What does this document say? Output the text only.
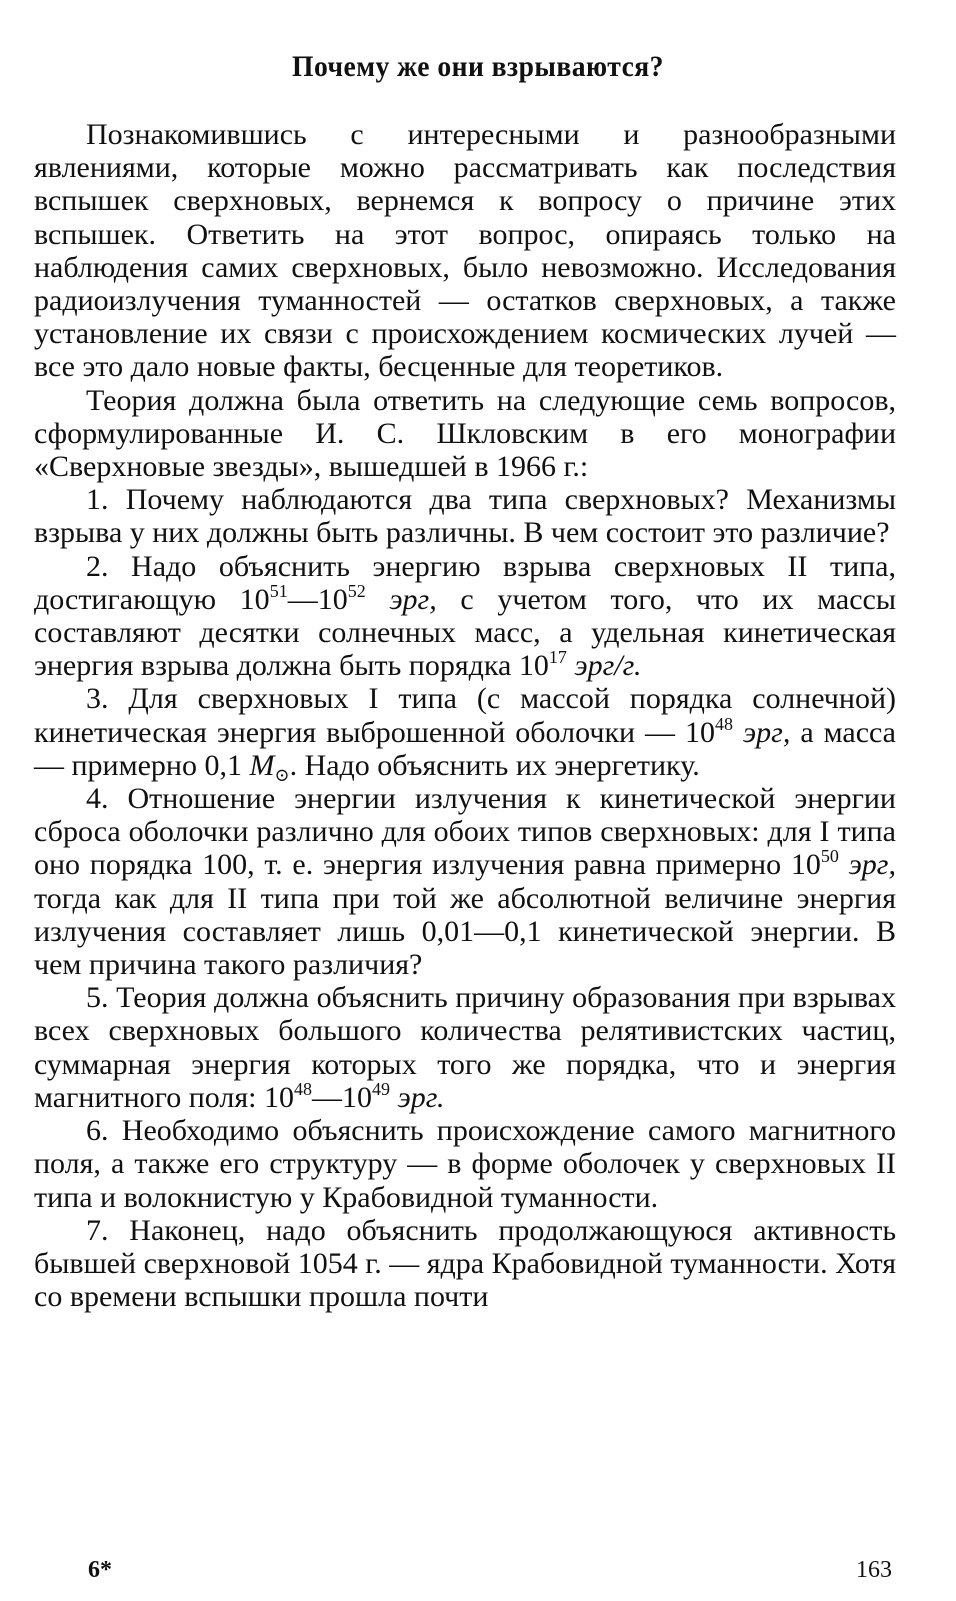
Почему же они взрываются?

Познакомившись с интересными и разнообразными явлениями, которые можно рассматривать как последствия вспышек сверхновых, вернемся к вопросу о причине этих вспышек. Ответить на этот вопрос, опираясь только на наблюдения самих сверхновых, было невозможно. Исследования радиоизлучения туманностей — остатков сверхновых, а также установление их связи с происхождением космических лучей — все это дало новые факты, бесценные для теоретиков.

Теория должна была ответить на следующие семь вопросов, сформулированные И. С. Шкловским в его монографии «Сверхновые звезды», вышедшей в 1966 г.:

1. Почему наблюдаются два типа сверхновых? Механизмы взрыва у них должны быть различны. В чем состоит это различие?

2. Надо объяснить энергию взрыва сверхновых II типа, достигающую $10^{51}—10^{52}$ эрг, с учетом того, что их массы составляют десятки солнечных масс, а удельная кинетическая энергия взрыва должна быть порядка $10^{17}$ эрг/г.

3. Для сверхновых I типа (с массой порядка солнечной) кинетическая энергия выброшенной оболочки — $10^{48}$ эрг, а масса — примерно 0,1 $M_⊙$. Надо объяснить их энергетику.

4. Отношение энергии излучения к кинетической энергии сброса оболочки различно для обоих типов сверхновых: для I типа оно порядка 100, т. е. энергия излучения равна примерно $10^{50}$ эрг, тогда как для II типа при той же абсолютной величине энергия излучения составляет лишь 0,01—0,1 кинетической энергии. В чем причина такого различия?

5. Теория должна объяснить причину образования при взрывах всех сверхновых большого количества релятивистских частиц, суммарная энергия которых того же порядка, что и энергия магнитного поля: $10^{48}—10^{49}$ эрг.

6. Необходимо объяснить происхождение самого магнитного поля, а также его структуру — в форме оболочек у сверхновых II типа и волокнистую у Крабовидной туманности.

7. Наконец, надо объяснить продолжающуюся активность бывшей сверхновой 1054 г. — ядра Крабовидной туманности. Хотя со времени вспышки прошла почти

6*	163
